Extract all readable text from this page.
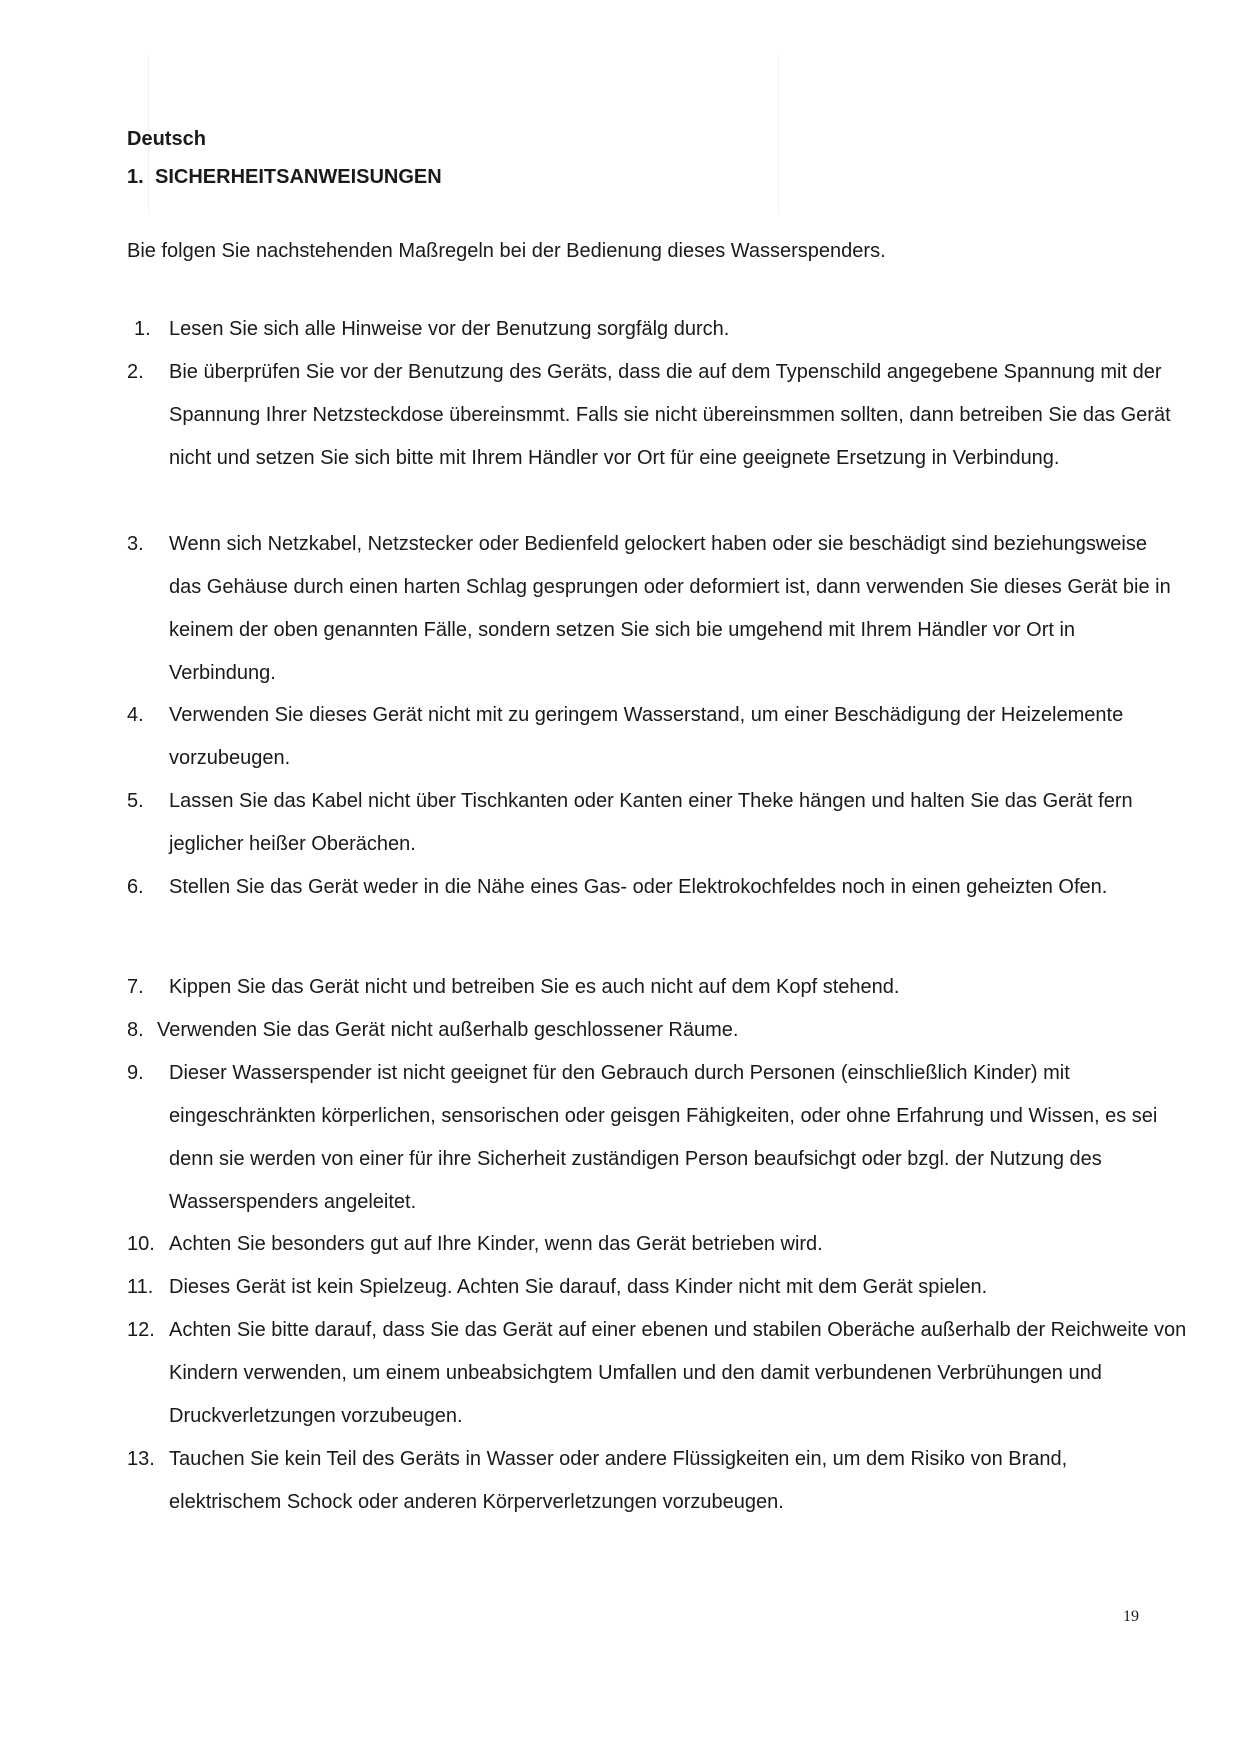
Deutsch
1. SICHERHEITSANWEISUNGEN

Bie folgen Sie nachstehenden Maßregeln bei der Bedienung dieses Wasserspenders.

1. Lesen Sie sich alle Hinweise vor der Benutzung sorgfälg durch.
2. Bie überprüfen Sie vor der Benutzung des Geräts, dass die auf dem Typenschild angegebene Spannung mit der Spannung Ihrer Netzsteckdose übereinsmmt. Falls sie nicht übereinsmmen sollten, dann betreiben Sie das Gerät nicht und setzen Sie sich bitte mit Ihrem Händler vor Ort für eine geeignete Ersetzung in Verbindung.
3. Wenn sich Netzkabel, Netzstecker oder Bedienfeld gelockert haben oder sie beschädigt sind beziehungsweise das Gehäuse durch einen harten Schlag gesprungen oder deformiert ist, dann verwenden Sie dieses Gerät bie in keinem der oben genannten Fälle, sondern setzen Sie sich bie umgehend mit Ihrem Händler vor Ort in Verbindung.
4. Verwenden Sie dieses Gerät nicht mit zu geringem Wasserstand, um einer Beschädigung der Heizelemente vorzubeugen.
5. Lassen Sie das Kabel nicht über Tischkanten oder Kanten einer Theke hängen und halten Sie das Gerät fern jeglicher heißer Oberächen.
6. Stellen Sie das Gerät weder in die Nähe eines Gas- oder Elektrokochfeldes noch in einen geheizten Ofen.
7. Kippen Sie das Gerät nicht und betreiben Sie es auch nicht auf dem Kopf stehend.
8. Verwenden Sie das Gerät nicht außerhalb geschlossener Räume.
9. Dieser Wasserspender ist nicht geeignet für den Gebrauch durch Personen (einschließlich Kinder) mit eingeschränkten körperlichen, sensorischen oder geisgen Fähigkeiten, oder ohne Erfahrung und Wissen, es sei denn sie werden von einer für ihre Sicherheit zuständigen Person beaufsichgt oder bzgl. der Nutzung des Wasserspenders angeleitet.
10. Achten Sie besonders gut auf Ihre Kinder, wenn das Gerät betrieben wird.
11. Dieses Gerät ist kein Spielzeug. Achten Sie darauf, dass Kinder nicht mit dem Gerät spielen.
12. Achten Sie bitte darauf, dass Sie das Gerät auf einer ebenen und stabilen Oberäche außerhalb der Reichweite von Kindern verwenden, um einem unbeabsichgtem Umfallen und den damit verbundenen Verbrühungen und Druckverletzungen vorzubeugen.
13. Tauchen Sie kein Teil des Geräts in Wasser oder andere Flüssigkeiten ein, um dem Risiko von Brand, elektrischem Schock oder anderen Körperverletzungen vorzubeugen.

19
